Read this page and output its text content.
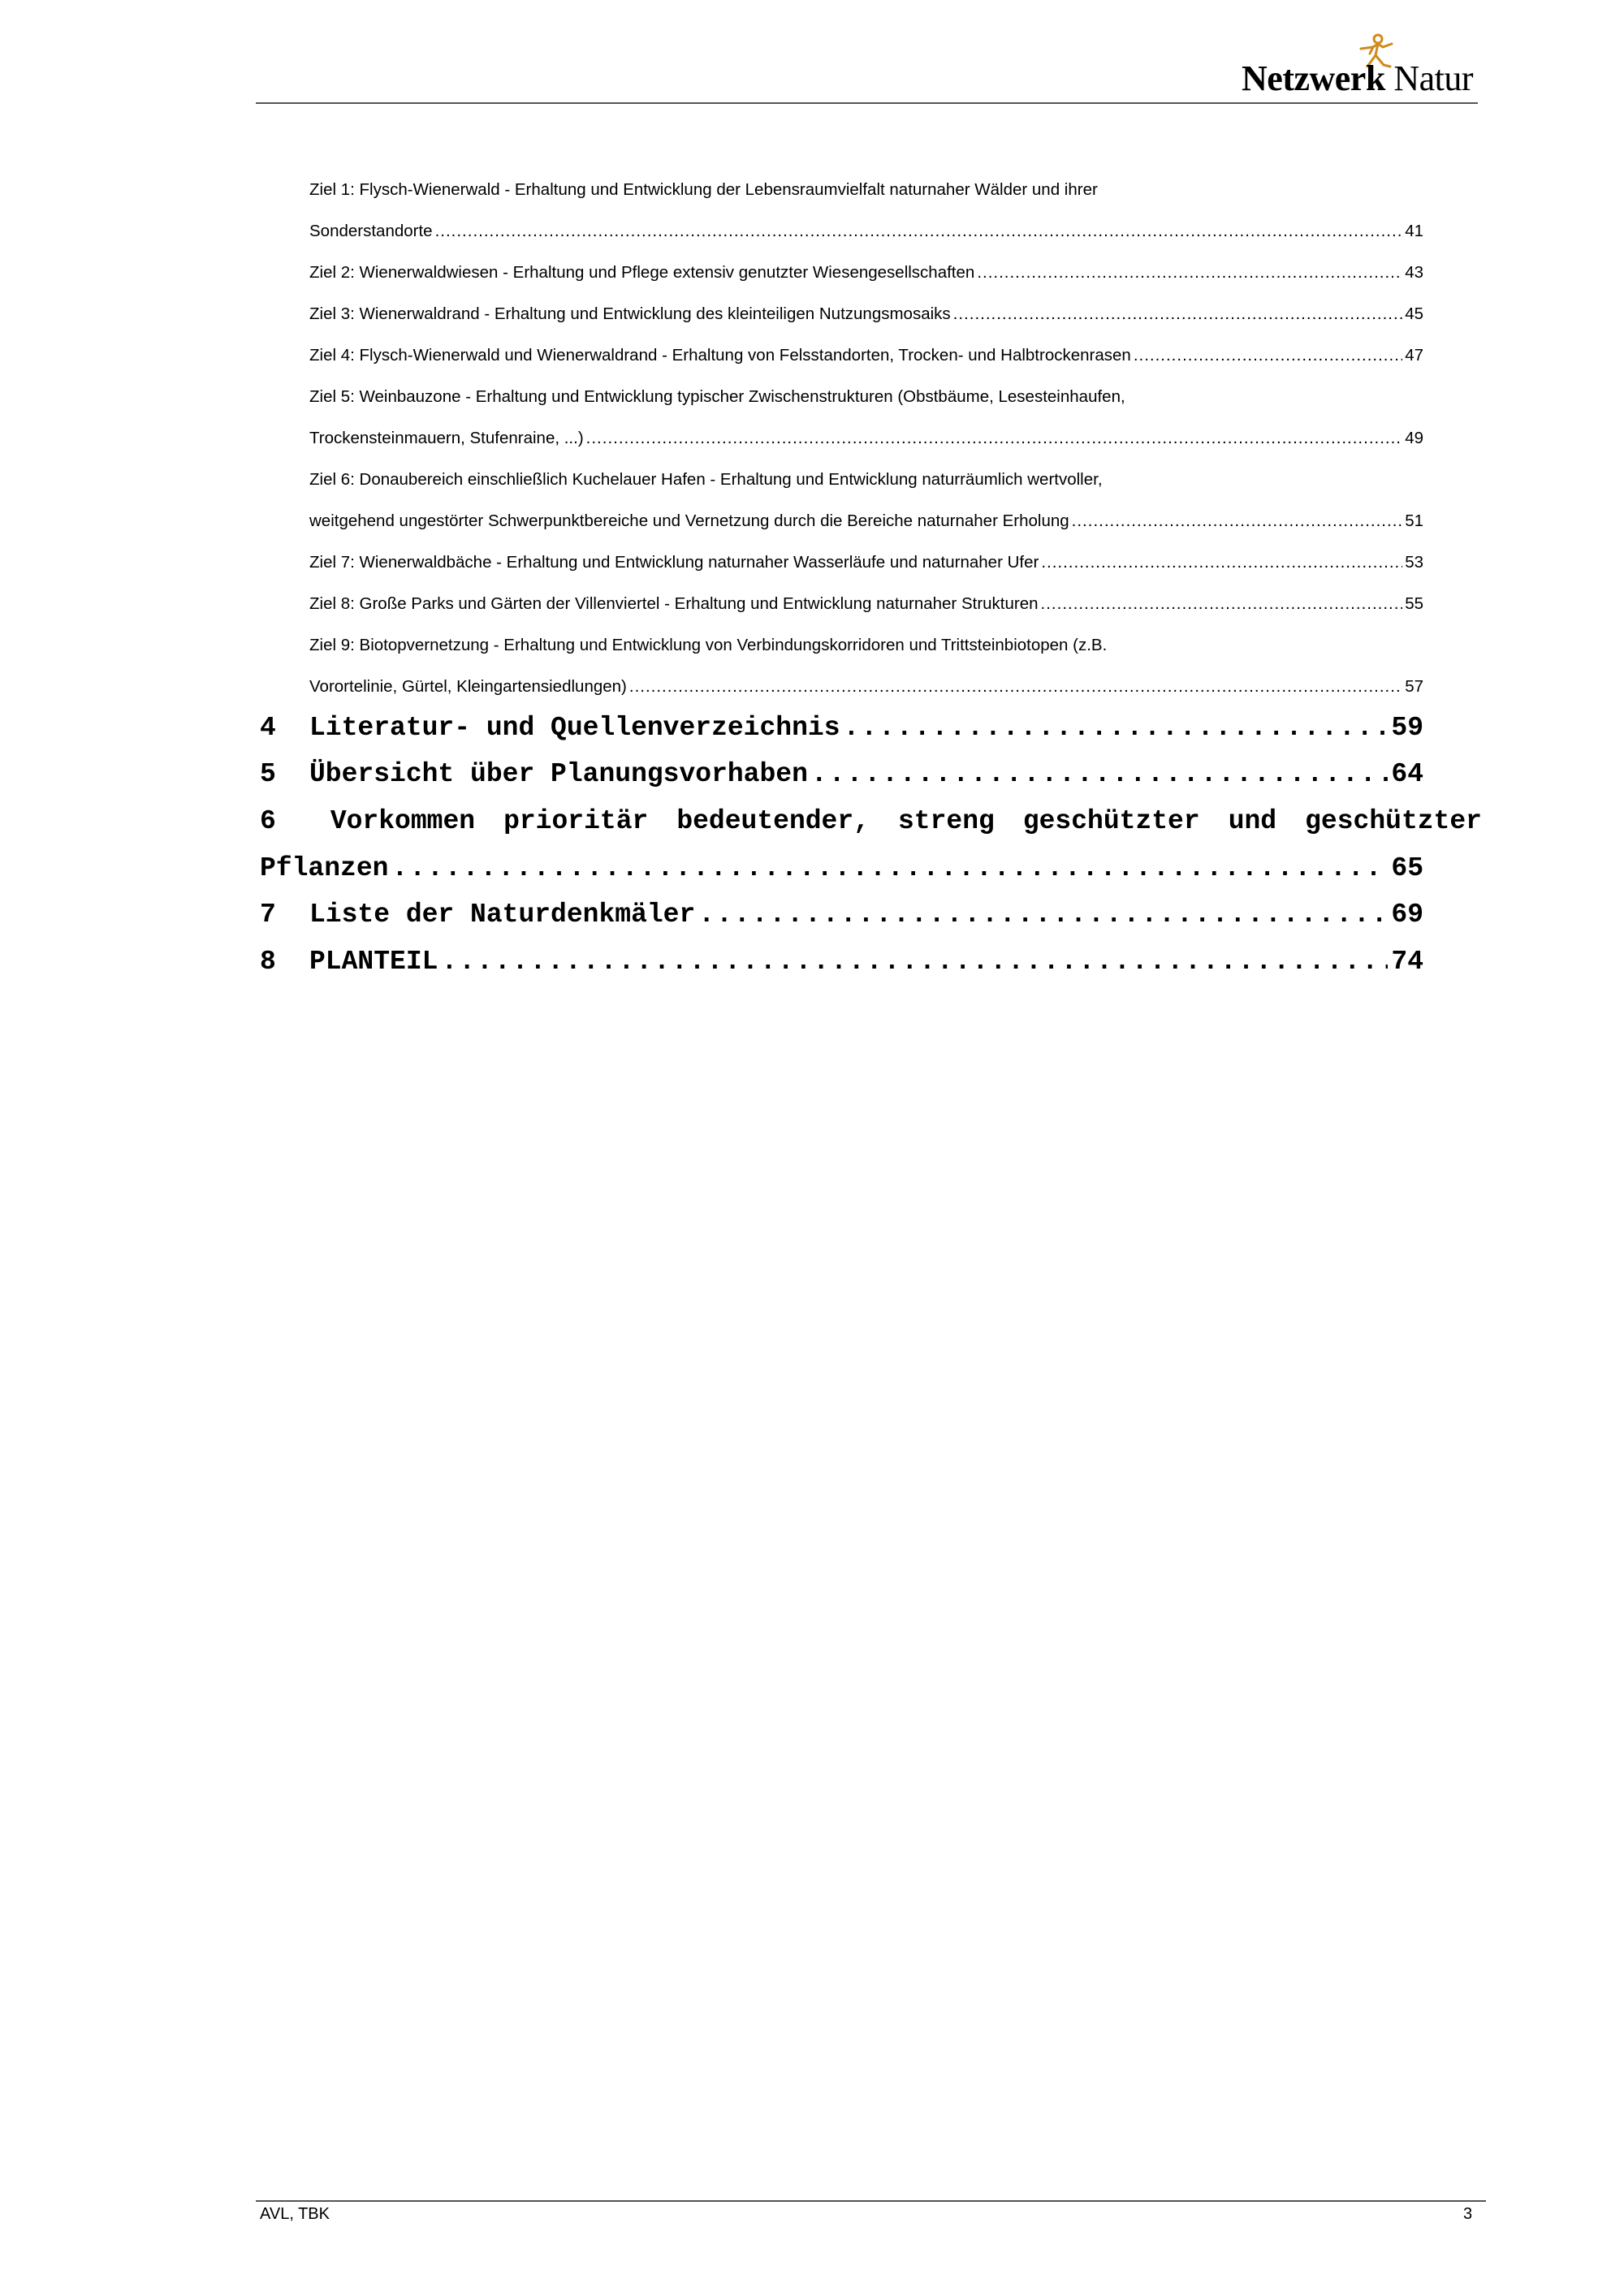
Netzwerk Natur
Ziel 1: Flysch-Wienerwald - Erhaltung und Entwicklung der Lebensraumvielfalt naturnaher Wälder und ihrer
Sonderstandorte .....	41
Ziel 2: Wienerwaldwiesen - Erhaltung und Pflege extensiv genutzter Wiesengesellschaften .....	43
Ziel 3: Wienerwaldrand - Erhaltung und Entwicklung des kleinteiligen Nutzungsmosaiks .....	45
Ziel 4: Flysch-Wienerwald und Wienerwaldrand - Erhaltung von Felsstandorten, Trocken- und Halbtrockenrasen .....	47
Ziel 5: Weinbauzone - Erhaltung und Entwicklung typischer Zwischenstrukturen (Obstbäume, Lesesteinhaufen,
Trockensteinmauern, Stufenraine, ...) .....	49
Ziel 6: Donaubereich einschließlich Kuchelauer Hafen - Erhaltung und Entwicklung naturräumlich wertvoller,
weitgehend ungestörter Schwerpunktbereiche und Vernetzung durch die Bereiche naturnaher Erholung .....	51
Ziel 7: Wienerwaldbäche - Erhaltung und Entwicklung naturnaher Wasserläufe und naturnaher Ufer .....	53
Ziel 8: Große Parks und Gärten der Villenviertel - Erhaltung und Entwicklung naturnaher Strukturen .....	55
Ziel 9: Biotopvernetzung - Erhaltung und Entwicklung von Verbindungskorridoren und Trittsteinbiotopen (z.B.
Vorortelinie, Gürtel, Kleingartensiedlungen) .....	57
4	Literatur- und Quellenverzeichnis .....	59
5	Übersicht über Planungsvorhaben .....	64
6 Vorkommen prioritär bedeutender, streng geschützter und geschützter
Pflanzen .....	65
7	Liste der Naturdenkmäler .....	69
8	PLANTEIL .....	74
AVL, TBK	3
